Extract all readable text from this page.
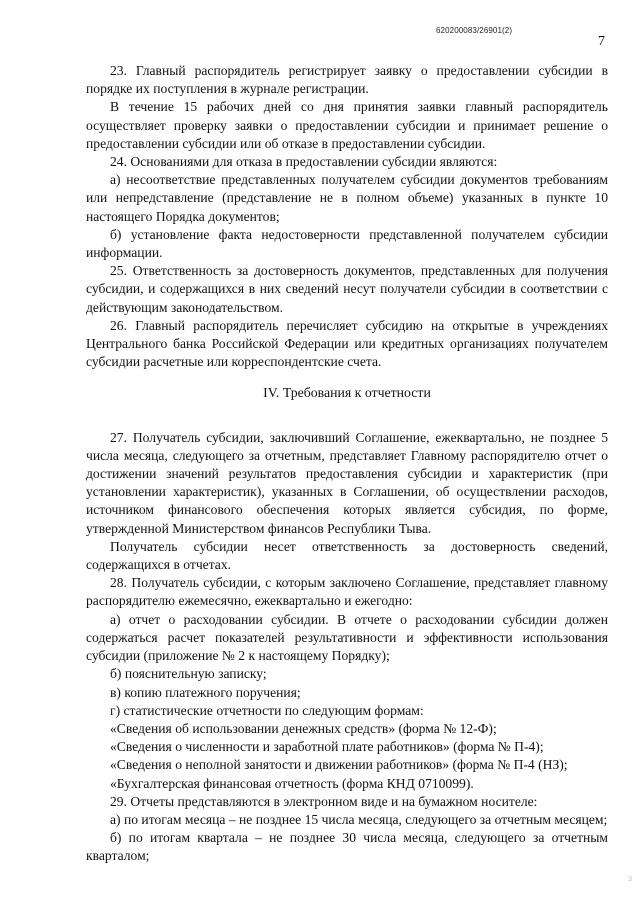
620200083/26901(2)
7

23. Главный распорядитель регистрирует заявку о предоставлении субсидии в порядке их поступления в журнале регистрации.

В течение 15 рабочих дней со дня принятия заявки главный распорядитель осуществляет проверку заявки о предоставлении субсидии и принимает решение о предоставлении субсидии или об отказе в предоставлении субсидии.

24. Основаниями для отказа в предоставлении субсидии являются:

а) несоответствие представленных получателем субсидии документов требованиям или непредставление (представление не в полном объеме) указанных в пункте 10 настоящего Порядка документов;

б) установление факта недостоверности представленной получателем субсидии информации.

25. Ответственность за достоверность документов, представленных для получения субсидии, и содержащихся в них сведений несут получатели субсидии в соответствии с действующим законодательством.

26. Главный распорядитель перечисляет субсидию на открытые в учреждениях Центрального банка Российской Федерации или кредитных организациях получателем субсидии расчетные или корреспондентские счета.

IV. Требования к отчетности

27. Получатель субсидии, заключивший Соглашение, ежеквартально, не позднее 5 числа месяца, следующего за отчетным, представляет Главному распорядителю отчет о достижении значений результатов предоставления субсидии и характеристик (при установлении характеристик), указанных в Соглашении, об осуществлении расходов, источником финансового обеспечения которых является субсидия, по форме, утвержденной Министерством финансов Республики Тыва.

Получатель субсидии несет ответственность за достоверность сведений, содержащихся в отчетах.

28. Получатель субсидии, с которым заключено Соглашение, представляет главному распорядителю ежемесячно, ежеквартально и ежегодно:

а) отчет о расходовании субсидии. В отчете о расходовании субсидии должен содержаться расчет показателей результативности и эффективности использования субсидии (приложение № 2 к настоящему Порядку);

б) пояснительную записку;

в) копию платежного поручения;

г) статистические отчетности по следующим формам:

«Сведения об использовании денежных средств» (форма № 12-Ф);

«Сведения о численности и заработной плате работников» (форма № П-4);

«Сведения о неполной занятости и движении работников» (форма № П-4 (НЗ);

«Бухгалтерская финансовая отчетность (форма КНД 0710099).

29. Отчеты представляются в электронном виде и на бумажном носителе:

а) по итогам месяца – не позднее 15 числа месяца, следующего за отчетным месяцем;

б) по итогам квартала – не позднее 30 числа месяца, следующего за отчетным кварталом;

3
